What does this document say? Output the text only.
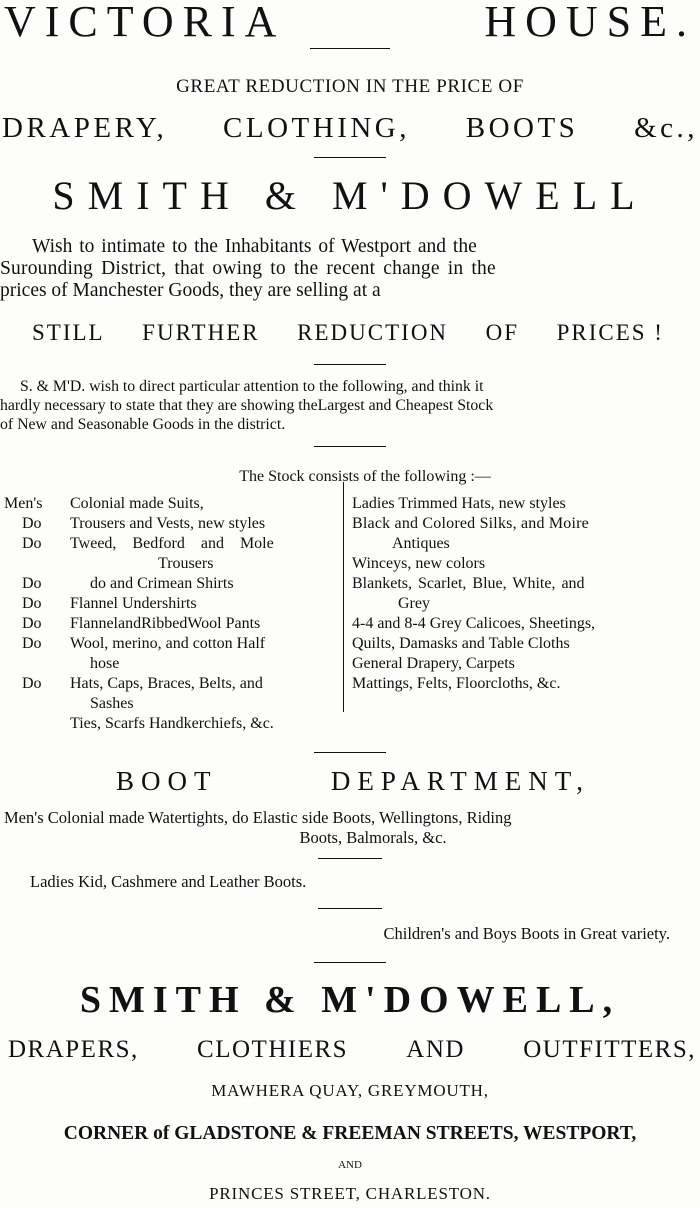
VICTORIA	HOUSE.
GREAT REDUCTION IN THE PRICE OF
DRAPERY, CLOTHING, BOOTS &c.,
SMITH & M'DOWELL
Wish to intimate to the Inhabitants of Westport and the
Surounding District, that owing to the recent change in the
prices of Manchester Goods, they are selling at a
STILL FURTHER REDUCTION OF PRICES !
S. & M'D. wish to direct particular attention to the following, and think it
hardly necessary to state that they are showing theLargest and Cheapest Stock
of New and Seasonable Goods in the district.
The Stock consists of the following :—
Men's	Colonial made Suits,
Do	Trousers and Vests, new styles
Do	Tweed, Bedford and Mole
Trousers
Do	do and Crimean Shirts
Do	Flannel Undershirts
Do	FlannelandRibbedWool Pants
Do	Wool, merino, and cotton Half
hose
Do	Hats, Caps, Braces, Belts, and
Sashes
Ties, Scarfs Handkerchiefs, &c.
Ladies Trimmed Hats, new styles
Black and Colored Silks, and Moire
Antiques
Winceys, new colors
Blankets, Scarlet, Blue, White, and
Grey
4-4 and 8-4 Grey Calicoes, Sheetings,
Quilts, Damasks and Table Cloths
General Drapery, Carpets
Mattings, Felts, Floorcloths, &c.
BOOT	DEPARTMENT,
Men's Colonial made Watertights, do Elastic side Boots, Wellingtons, Riding
Boots, Balmorals, &c.
Ladies Kid, Cashmere and Leather Boots.
Children's and Boys Boots in Great variety.
SMITH & M'DOWELL,
DRAPERS, CLOTHIERS AND OUTFITTERS,
MAWHERA QUAY, GREYMOUTH,
CORNER of GLADSTONE & FREEMAN STREETS, WESTPORT,
AND
PRINCES STREET, CHARLESTON.
